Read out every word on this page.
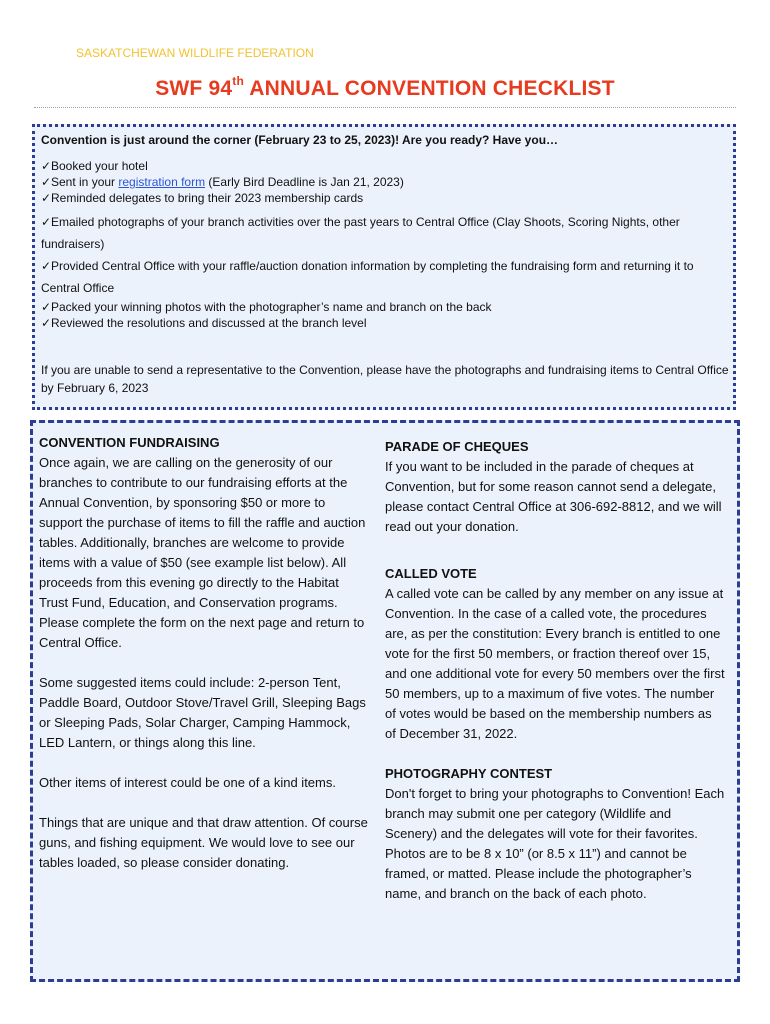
SASKATCHEWAN WILDLIFE FEDERATION
SWF 94th ANNUAL CONVENTION CHECKLIST
Convention is just around the corner (February 23 to 25, 2023)! Are you ready? Have you…
✓Booked your hotel
✓Sent in your registration form (Early Bird Deadline is Jan 21, 2023)
✓Reminded delegates to bring their 2023 membership cards
✓Emailed photographs of your branch activities over the past years to Central Office (Clay Shoots, Scoring Nights, other fundraisers)
✓Provided Central Office with your raffle/auction donation information by completing the fundraising form and returning it to Central Office
✓Packed your winning photos with the photographer’s name and branch on the back
✓Reviewed the resolutions and discussed at the branch level
If you are unable to send a representative to the Convention, please have the photographs and fundraising items to Central Office by February 6, 2023
CONVENTION FUNDRAISING

Once again, we are calling on the generosity of our branches to contribute to our fundraising efforts at the Annual Convention, by sponsoring $50 or more to support the purchase of items to fill the raffle and auction tables. Additionally, branches are welcome to provide items with a value of $50 (see example list below). All proceeds from this evening go directly to the Habitat Trust Fund, Education, and Conservation programs. Please complete the form on the next page and return to Central Office.

Some suggested items could include: 2-person Tent, Paddle Board, Outdoor Stove/Travel Grill, Sleeping Bags or Sleeping Pads, Solar Charger, Camping Hammock, LED Lantern, or things along this line.

Other items of interest could be one of a kind items.

Things that are unique and that draw attention. Of course guns, and fishing equipment. We would love to see our tables loaded, so please consider donating.

PARADE OF CHEQUES

If you want to be included in the parade of cheques at Convention, but for some reason cannot send a delegate, please contact Central Office at 306-692-8812, and we will read out your donation.

CALLED VOTE

A called vote can be called by any member on any issue at Convention. In the case of a called vote, the procedures are, as per the constitution: Every branch is entitled to one vote for the first 50 members, or fraction thereof over 15, and one additional vote for every 50 members over the first 50 members, up to a maximum of five votes. The number of votes would be based on the membership numbers as of December 31, 2022.

PHOTOGRAPHY CONTEST

Don't forget to bring your photographs to Convention! Each branch may submit one per category (Wildlife and Scenery) and the delegates will vote for their favorites. Photos are to be 8 x 10” (or 8.5 x 11”) and cannot be framed, or matted. Please include the photographer’s name, and branch on the back of each photo.
